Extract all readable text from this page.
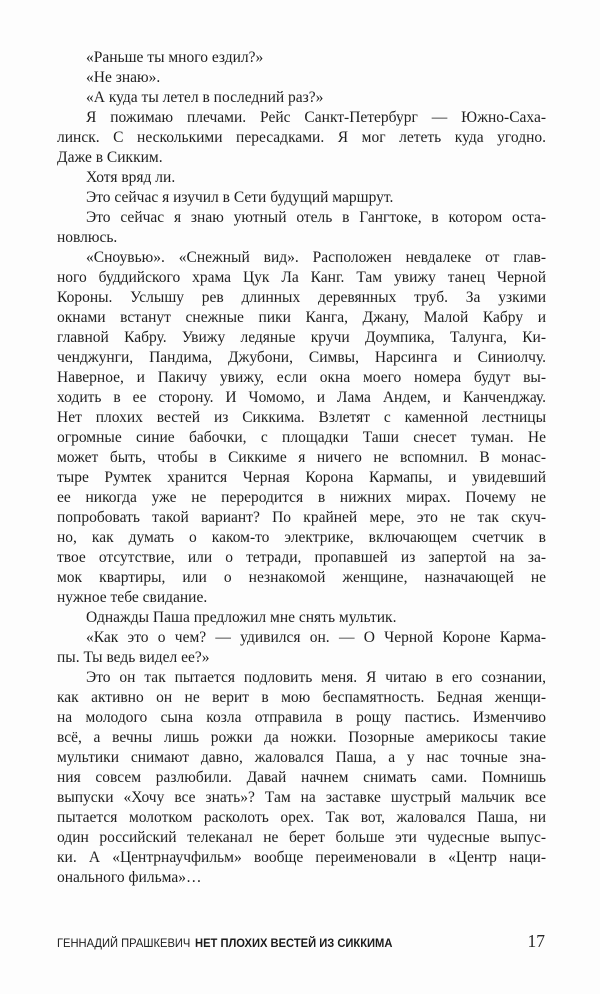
«Раньше ты много ездил?»

«Не знаю».

«А куда ты летел в последний раз?»

Я пожимаю плечами. Рейс Санкт-Петербург — Южно-Саха-
линск. С несколькими пересадками. Я мог лететь куда угодно.
Даже в Сикким.

Хотя вряд ли.

Это сейчас я изучил в Сети будущий маршрут.

Это сейчас я знаю уютный отель в Гангтоке, в котором оста-
новлюсь.

«Сноувью». «Снежный вид». Расположен невдалеке от глав-
ного буддийского храма Цук Ла Канг. Там увижу танец Черной
Короны. Услышу рев длинных деревянных труб. За узкими
окнами встанут снежные пики Канга, Джану, Малой Кабру и
главной Кабру. Увижу ледяные кручи Доумпика, Талунга, Ки-
ченджунги, Пандима, Джубони, Симвы, Нарсинга и Синиолчу.
Наверное, и Пакичу увижу, если окна моего номера будут вы-
ходить в ее сторону. И Чомомо, и Лама Андем, и Канченджау.
Нет плохих вестей из Сиккима. Взлетят с каменной лестницы
огромные синие бабочки, с площадки Таши снесет туман. Не
может быть, чтобы в Сиккиме я ничего не вспомнил. В монас-
тыре Румтек хранится Черная Корона Кармапы, и увидевший
ее никогда уже не переродится в нижних мирах. Почему не
попробовать такой вариант? По крайней мере, это не так скуч-
но, как думать о каком-то электрике, включающем счетчик в
твое отсутствие, или о тетради, пропавшей из запертой на за-
мок квартиры, или о незнакомой женщине, назначающей не
нужное тебе свидание.

Однажды Паша предложил мне снять мультик.

«Как это о чем? — удивился он. — О Черной Короне Карма-
пы. Ты ведь видел ее?»

Это он так пытается подловить меня. Я читаю в его сознании,
как активно он не верит в мою беспамятность. Бедная женщи-
на молодого сына козла отправила в рощу пастись. Изменчиво
всё, а вечны лишь рожки да ножки. Позорные америкосы такие
мультики снимают давно, жаловался Паша, а у нас точные зна-
ния совсем разлюбили. Давай начнем снимать сами. Помнишь
выпуски «Хочу все знать»? Там на заставке шустрый мальчик все
пытается молотком расколоть орех. Так вот, жаловался Паша, ни
один российский телеканал не берет больше эти чудесные выпус-
ки. А «Центрнаучфильм» вообще переименовали в «Центр наци-
онального фильма»…

ГЕННАДИЙ ПРАШКЕВИЧ НЕТ ПЛОХИХ ВЕСТЕЙ ИЗ СИККИМА	17
